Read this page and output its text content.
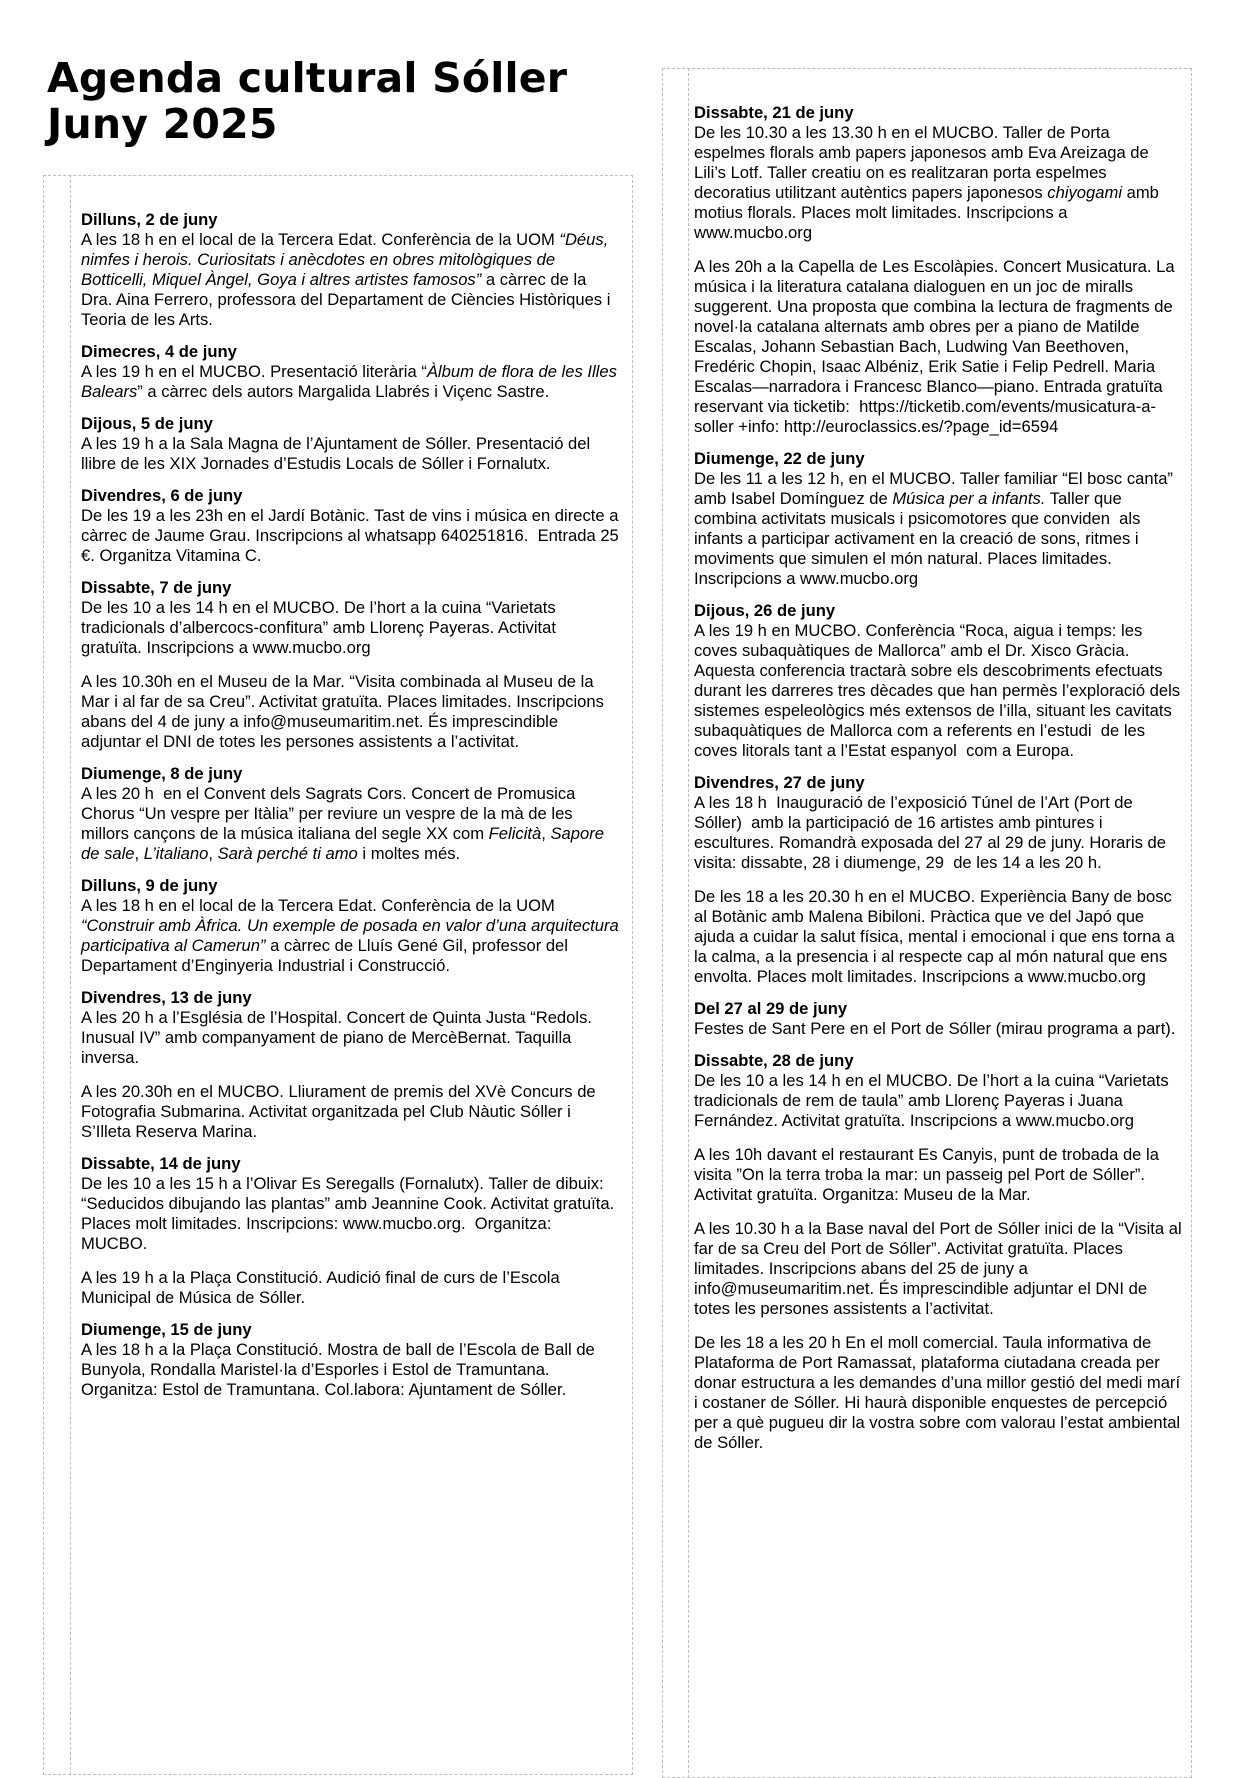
Agenda cultural Sóller
Juny 2025
Dilluns, 2 de juny

A les 18 h en el local de la Tercera Edat. Conferència de la UOM “Déus, nimfes i herois. Curiositats i anècdotes en obres mitològiques de Botticelli, Miquel Àngel, Goya i altres artistes famosos” a càrrec de la Dra. Aina Ferrero, professora del Departament de Ciències Històriques i Teoria de les Arts.

Dimecres, 4 de juny

A les 19 h en el MUCBO. Presentació literària “Àlbum de flora de les Illes Balears” a càrrec dels autors Margalida Llabrés i Viçenc Sastre.

Dijous, 5 de juny

A les 19 h a la Sala Magna de l’Ajuntament de Sóller. Presentació del llibre de les XIX Jornades d’Estudis Locals de Sóller i Fornalutx.

Divendres, 6 de juny

De les 19 a les 23h en el Jardí Botànic. Tast de vins i música en directe a càrrec de Jaume Grau. Inscripcions al whatsapp 640251816.  Entrada 25 €. Organitza Vitamina C.

Dissabte, 7 de juny

De les 10 a les 14 h en el MUCBO. De l’hort a la cuina “Varietats tradicionals d’albercocs-confitura” amb Llorenç Payeras. Activitat gratuïta. Inscripcions a www.mucbo.org

A les 10.30h en el Museu de la Mar. “Visita combinada al Museu de la Mar i al far de sa Creu”. Activitat gratuïta. Places limitades. Inscripcions abans del 4 de juny a info@museumaritim.net. És imprescindible adjuntar el DNI de totes les persones assistents a l’activitat.

Diumenge, 8 de juny

A les 20 h  en el Convent dels Sagrats Cors. Concert de Promusica Chorus “Un vespre per Itàlia” per reviure un vespre de la mà de les millors cançons de la música italiana del segle XX com Felicità, Sapore de sale, L’italiano, Sarà perché ti amo i moltes més.

Dilluns, 9 de juny

A les 18 h en el local de la Tercera Edat. Conferència de la UOM “Construir amb Àfrica. Un exemple de posada en valor d’una arquitectura participativa al Camerun” a càrrec de Lluís Gené Gil, professor del Departament d’Enginyeria Industrial i Construcció.

Divendres, 13 de juny

A les 20 h a l’Església de l’Hospital. Concert de Quinta Justa “Redols. Inusual IV” amb companyament de piano de MercèBernat. Taquilla inversa.

A les 20.30h en el MUCBO. Lliurament de premis del XVè Concurs de Fotografia Submarina. Activitat organitzada pel Club Nàutic Sóller i S’Illeta Reserva Marina.

Dissabte, 14 de juny

De les 10 a les 15 h a l’Olivar Es Seregalls (Fornalutx). Taller de dibuix: “Seducidos dibujando las plantas” amb Jeannine Cook. Activitat gratuïta. Places molt limitades. Inscripcions: www.mucbo.org.  Organitza: MUCBO.

A les 19 h a la Plaça Constitució. Audició final de curs de l’Escola Municipal de Música de Sóller.

Diumenge, 15 de juny

A les 18 h a la Plaça Constitució. Mostra de ball de l’Escola de Ball de Bunyola, Rondalla Maristel·la d’Esporles i Estol de Tramuntana. Organitza: Estol de Tramuntana. Col.labora: Ajuntament de Sóller.

Dissabte, 21 de juny

De les 10.30 a les 13.30 h en el MUCBO. Taller de Porta espelmes florals amb papers japonesos amb Eva Areizaga de Lili’s Lotf. Taller creatiu on es realitzaran porta espelmes decoratius utilitzant autèntics papers japonesos chiyogami amb motius florals. Places molt limitades. Inscripcions a www.mucbo.org

A les 20h a la Capella de Les Escolàpies. Concert Musicatura. La música i la literatura catalana dialoguen en un joc de miralls suggerent. Una proposta que combina la lectura de fragments de novel·la catalana alternats amb obres per a piano de Matilde Escalas, Johann Sebastian Bach, Ludwing Van Beethoven, Fredéric Chopin, Isaac Albéniz, Erik Satie i Felip Pedrell. Maria Escalas—narradora i Francesc Blanco—piano. Entrada gratuïta reservant via ticketib:  https://ticketib.com/events/musicatura-a-soller +info: http://euroclassics.es/?page_id=6594

Diumenge, 22 de juny

De les 11 a les 12 h, en el MUCBO. Taller familiar “El bosc canta” amb Isabel Domínguez de Música per a infants. Taller que combina activitats musicals i psicomotores que conviden  als infants a participar activament en la creació de sons, ritmes i moviments que simulen el món natural. Places limitades. Inscripcions a www.mucbo.org

Dijous, 26 de juny

A les 19 h en MUCBO. Conferència “Roca, aigua i temps: les coves subaquàtiques de Mallorca” amb el Dr. Xisco Gràcia. Aquesta conferencia tractarà sobre els descobriments efectuats durant les darreres tres dècades que han permès l’exploració dels sistemes espeleològics més extensos de l’illa, situant les cavitats subaquàtiques de Mallorca com a referents en l’estudi  de les coves litorals tant a l’Estat espanyol  com a Europa.

Divendres, 27 de juny

A les 18 h  Inauguració de l’exposició Túnel de l’Art (Port de Sóller)  amb la participació de 16 artistes amb pintures i escultures. Romandrà exposada del 27 al 29 de juny. Horaris de visita: dissabte, 28 i diumenge, 29  de les 14 a les 20 h.

De les 18 a les 20.30 h en el MUCBO. Experiència Bany de bosc al Botànic amb Malena Bibiloni. Pràctica que ve del Japó que ajuda a cuidar la salut física, mental i emocional i que ens torna a la calma, a la presencia i al respecte cap al món natural que ens envolta. Places molt limitades. Inscripcions a www.mucbo.org

Del 27 al 29 de juny

Festes de Sant Pere en el Port de Sóller (mirau programa a part).

Dissabte, 28 de juny

De les 10 a les 14 h en el MUCBO. De l’hort a la cuina “Varietats tradicionals de rem de taula” amb Llorenç Payeras i Juana Fernández. Activitat gratuïta. Inscripcions a www.mucbo.org

A les 10h davant el restaurant Es Canyis, punt de trobada de la visita ”On la terra troba la mar: un passeig pel Port de Sóller”. Activitat gratuïta. Organitza: Museu de la Mar.

A les 10.30 h a la Base naval del Port de Sóller inici de la “Visita al far de sa Creu del Port de Sóller”. Activitat gratuïta. Places limitades. Inscripcions abans del 25 de juny a info@museumaritim.net. És imprescindible adjuntar el DNI de totes les persones assistents a l’activitat.

De les 18 a les 20 h En el moll comercial. Taula informativa de Plataforma de Port Ramassat, plataforma ciutadana creada per donar estructura a les demandes d’una millor gestió del medi marí i costaner de Sóller. Hi haurà disponible enquestes de percepció per a què pugueu dir la vostra sobre com valorau l’estat ambiental de Sóller.
